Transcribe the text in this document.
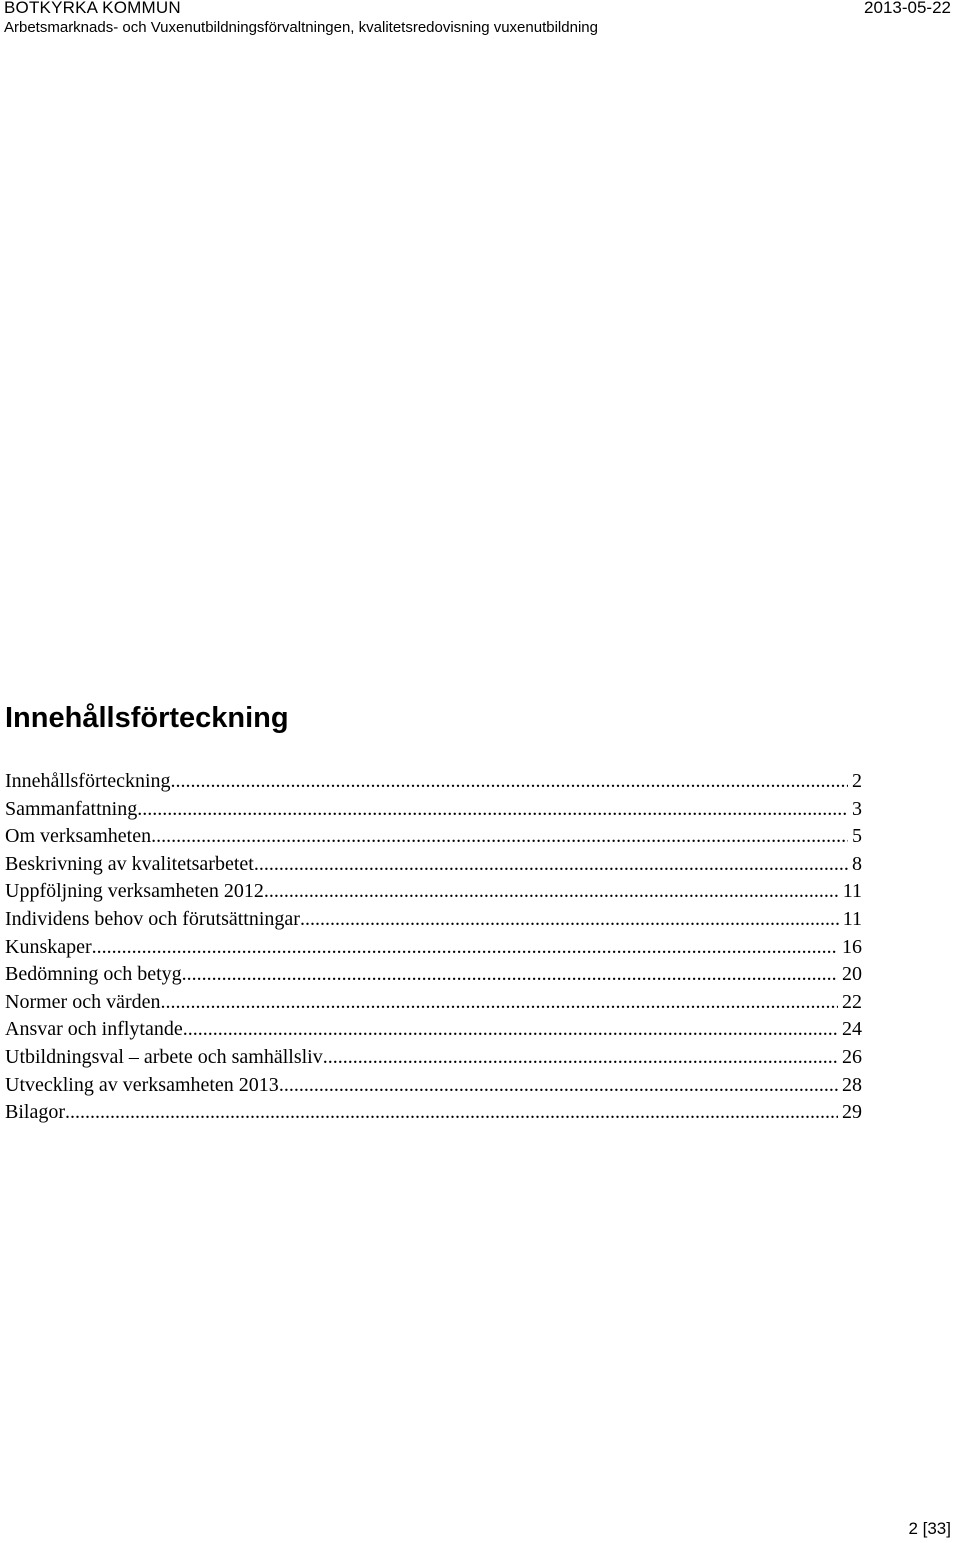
BOTKYRKA KOMMUN	2013-05-22
Arbetsmarknads- och Vuxenutbildningsförvaltningen, kvalitetsredovisning vuxenutbildning
Innehållsförteckning
Innehållsförteckning .....	2
Sammanfattning .....	3
Om verksamheten .....	5
Beskrivning av kvalitetsarbetet .....	8
Uppföljning verksamheten 2012 .....	11
Individens behov och förutsättningar .....	11
Kunskaper .....	16
Bedömning och betyg .....	20
Normer och värden .....	22
Ansvar och inflytande .....	24
Utbildningsval – arbete och samhällsliv .....	26
Utveckling av verksamheten 2013 .....	28
Bilagor .....	29
2 [33]
